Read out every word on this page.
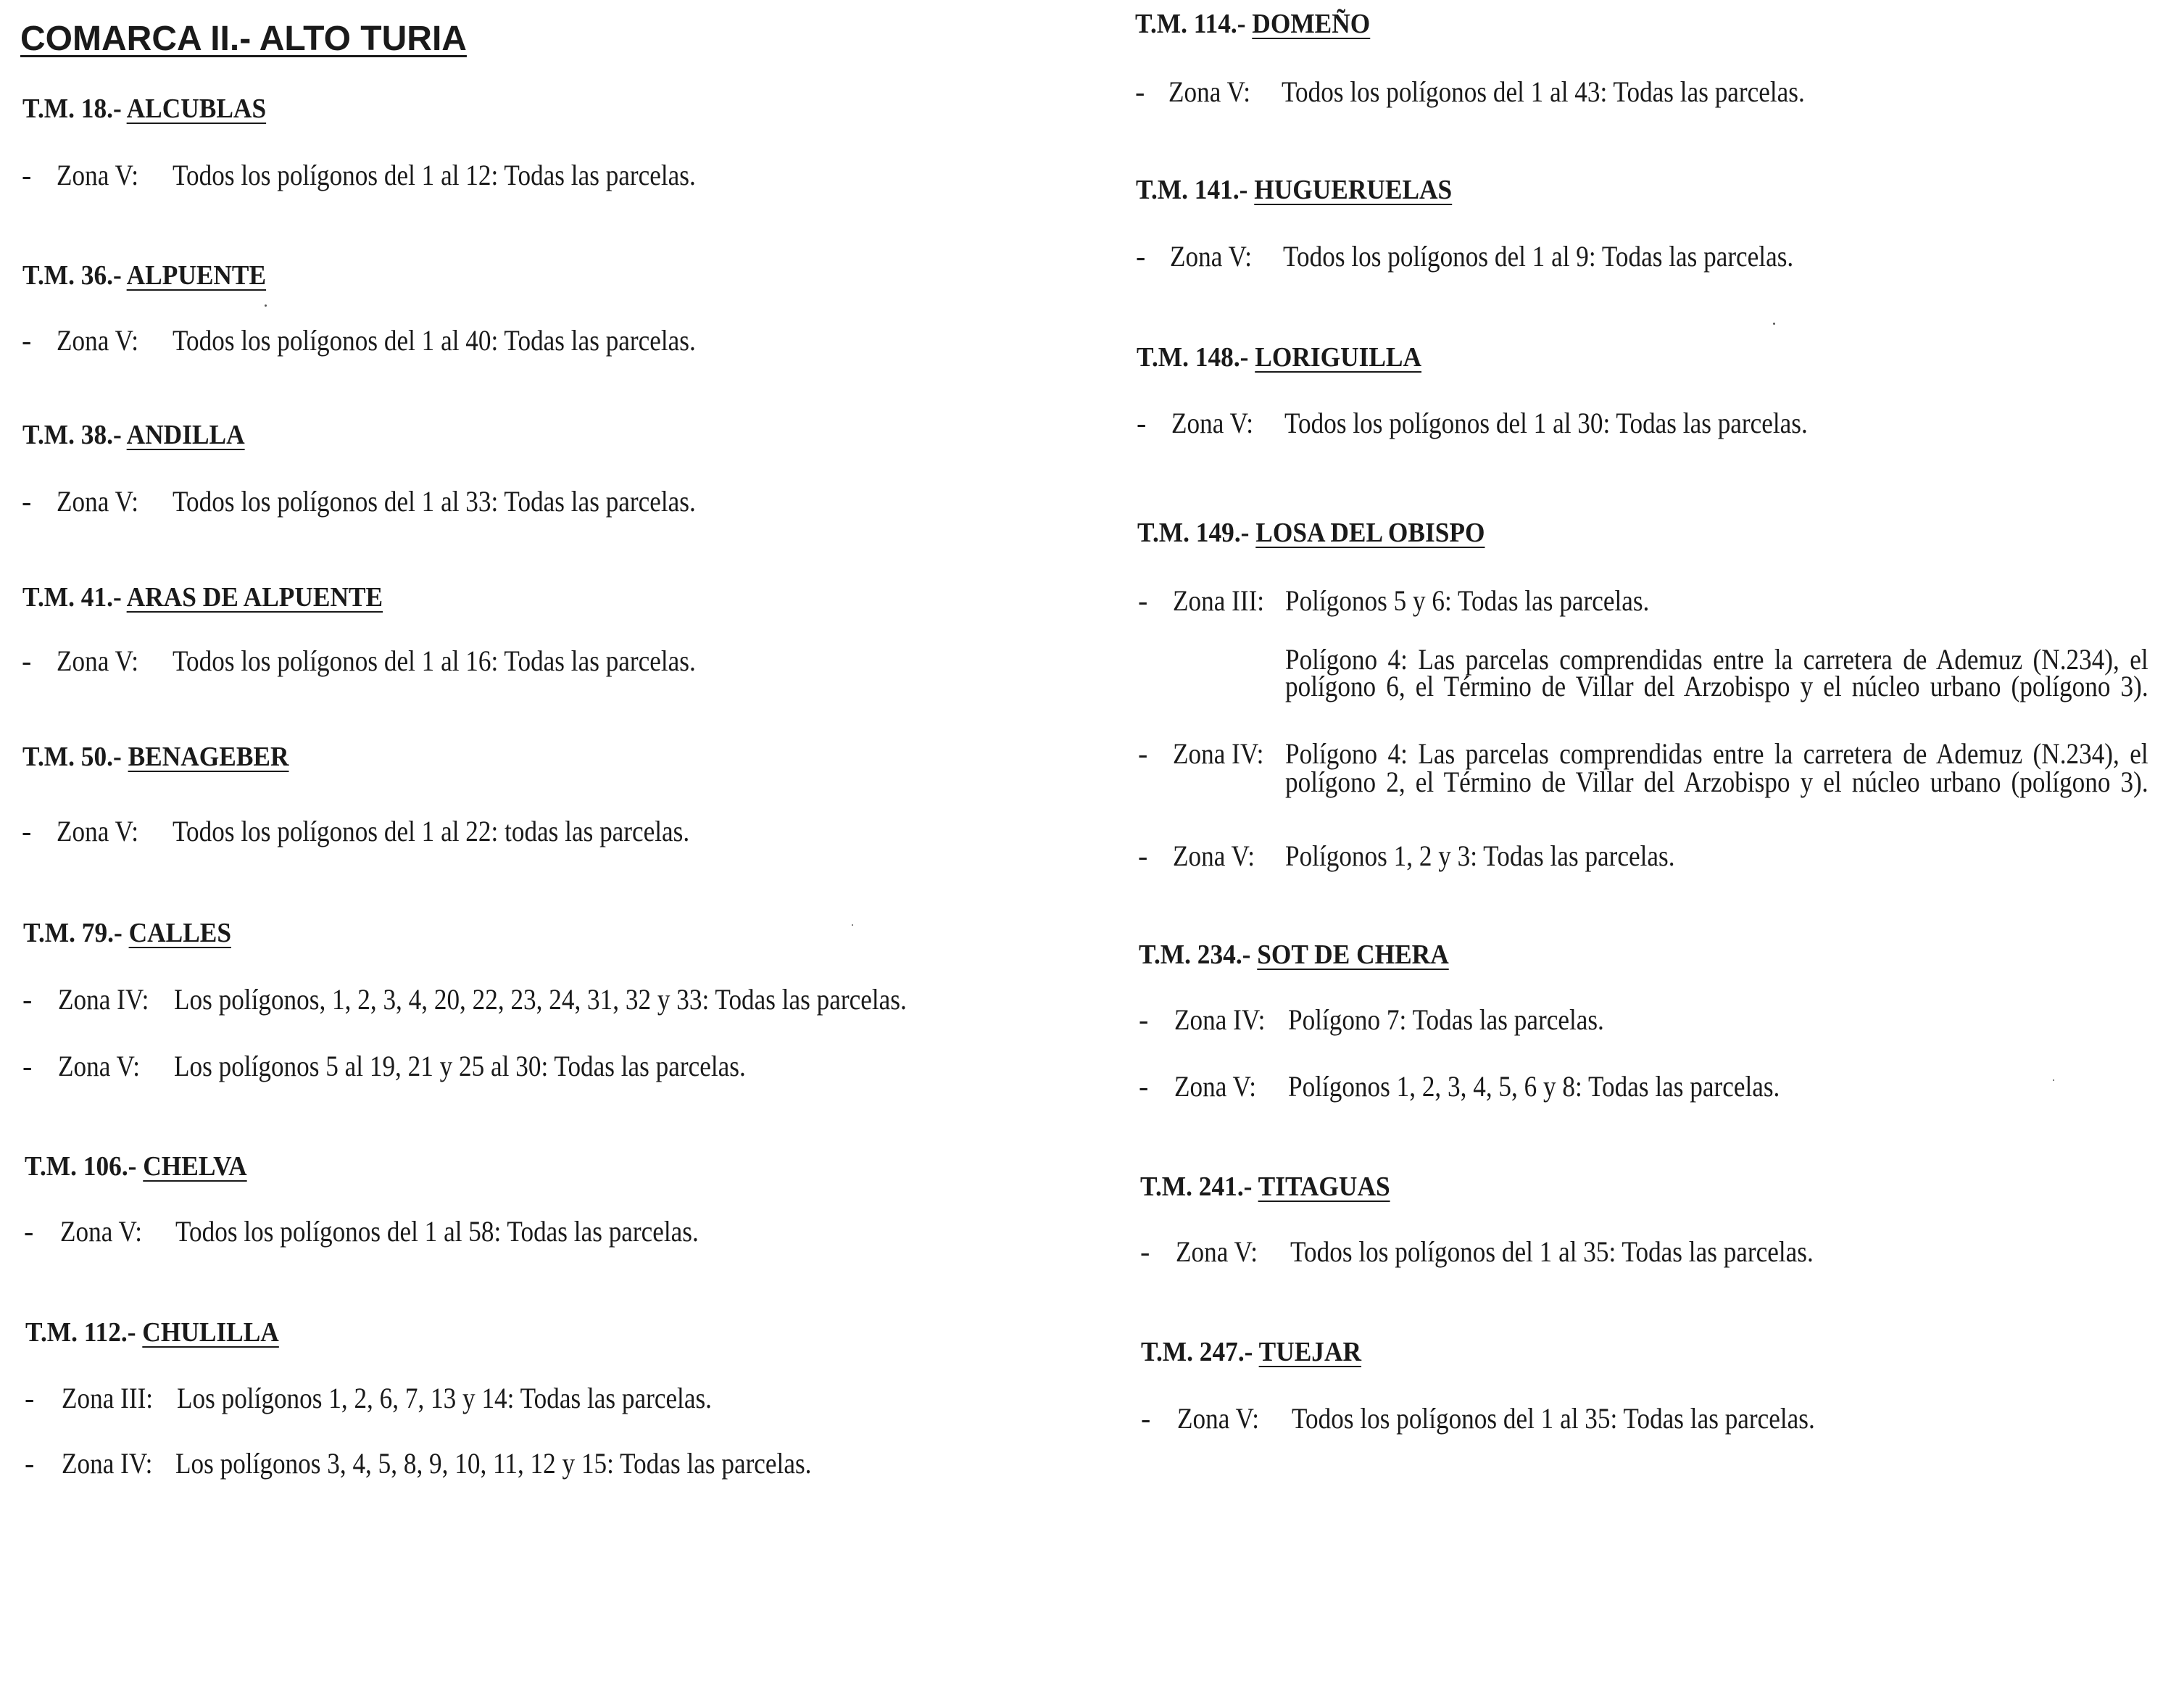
COMARCA II.- ALTO TURIA
T.M. 18.- ALCUBLAS
- Zona V: Todos los polígonos del 1 al 12: Todas las parcelas.
T.M. 36.- ALPUENTE
- Zona V: Todos los polígonos del 1 al 40: Todas las parcelas.
T.M. 38.- ANDILLA
- Zona V: Todos los polígonos del 1 al 33: Todas las parcelas.
T.M. 41.- ARAS DE ALPUENTE
- Zona V: Todos los polígonos del 1 al 16: Todas las parcelas.
T.M. 50.- BENAGEBER
- Zona V: Todos los polígonos del 1 al 22: todas las parcelas.
T.M. 79.- CALLES
- Zona IV: Los polígonos, 1, 2, 3, 4, 20, 22, 23, 24, 31, 32 y 33: Todas las parcelas.
- Zona V: Los polígonos 5 al 19, 21 y 25 al 30: Todas las parcelas.
T.M. 106.- CHELVA
- Zona V: Todos los polígonos del 1 al 58: Todas las parcelas.
T.M. 112.- CHULILLA
- Zona III: Los polígonos 1, 2, 6, 7, 13 y 14: Todas las parcelas.
- Zona IV: Los polígonos 3, 4, 5, 8, 9, 10, 11, 12 y 15: Todas las parcelas.
T.M. 114.- DOMEÑO
- Zona V: Todos los polígonos del 1 al 43: Todas las parcelas.
T.M. 141.- HUGUERUELAS
- Zona V: Todos los polígonos del 1 al 9: Todas las parcelas.
T.M. 148.- LORIGUILLA
- Zona V: Todos los polígonos del 1 al 30: Todas las parcelas.
T.M. 149.- LOSA DEL OBISPO
- Zona III: Polígonos 5 y 6: Todas las parcelas.
Polígono 4: Las parcelas comprendidas entre la carretera de Ademuz (N.234), el
polígono 6, el Término de Villar del Arzobispo y el núcleo urbano (polígono 3).
- Zona IV: Polígono 4: Las parcelas comprendidas entre la carretera de Ademuz (N.234), el
polígono 2, el Término de Villar del Arzobispo y el núcleo urbano (polígono 3).
- Zona V: Polígonos 1, 2 y 3: Todas las parcelas.
T.M. 234.- SOT DE CHERA
- Zona IV: Polígono 7: Todas las parcelas.
- Zona V: Polígonos 1, 2, 3, 4, 5, 6 y 8: Todas las parcelas.
T.M. 241.- TITAGUAS
- Zona V: Todos los polígonos del 1 al 35: Todas las parcelas.
T.M. 247.- TUEJAR
- Zona V: Todos los polígonos del 1 al 35: Todas las parcelas.
